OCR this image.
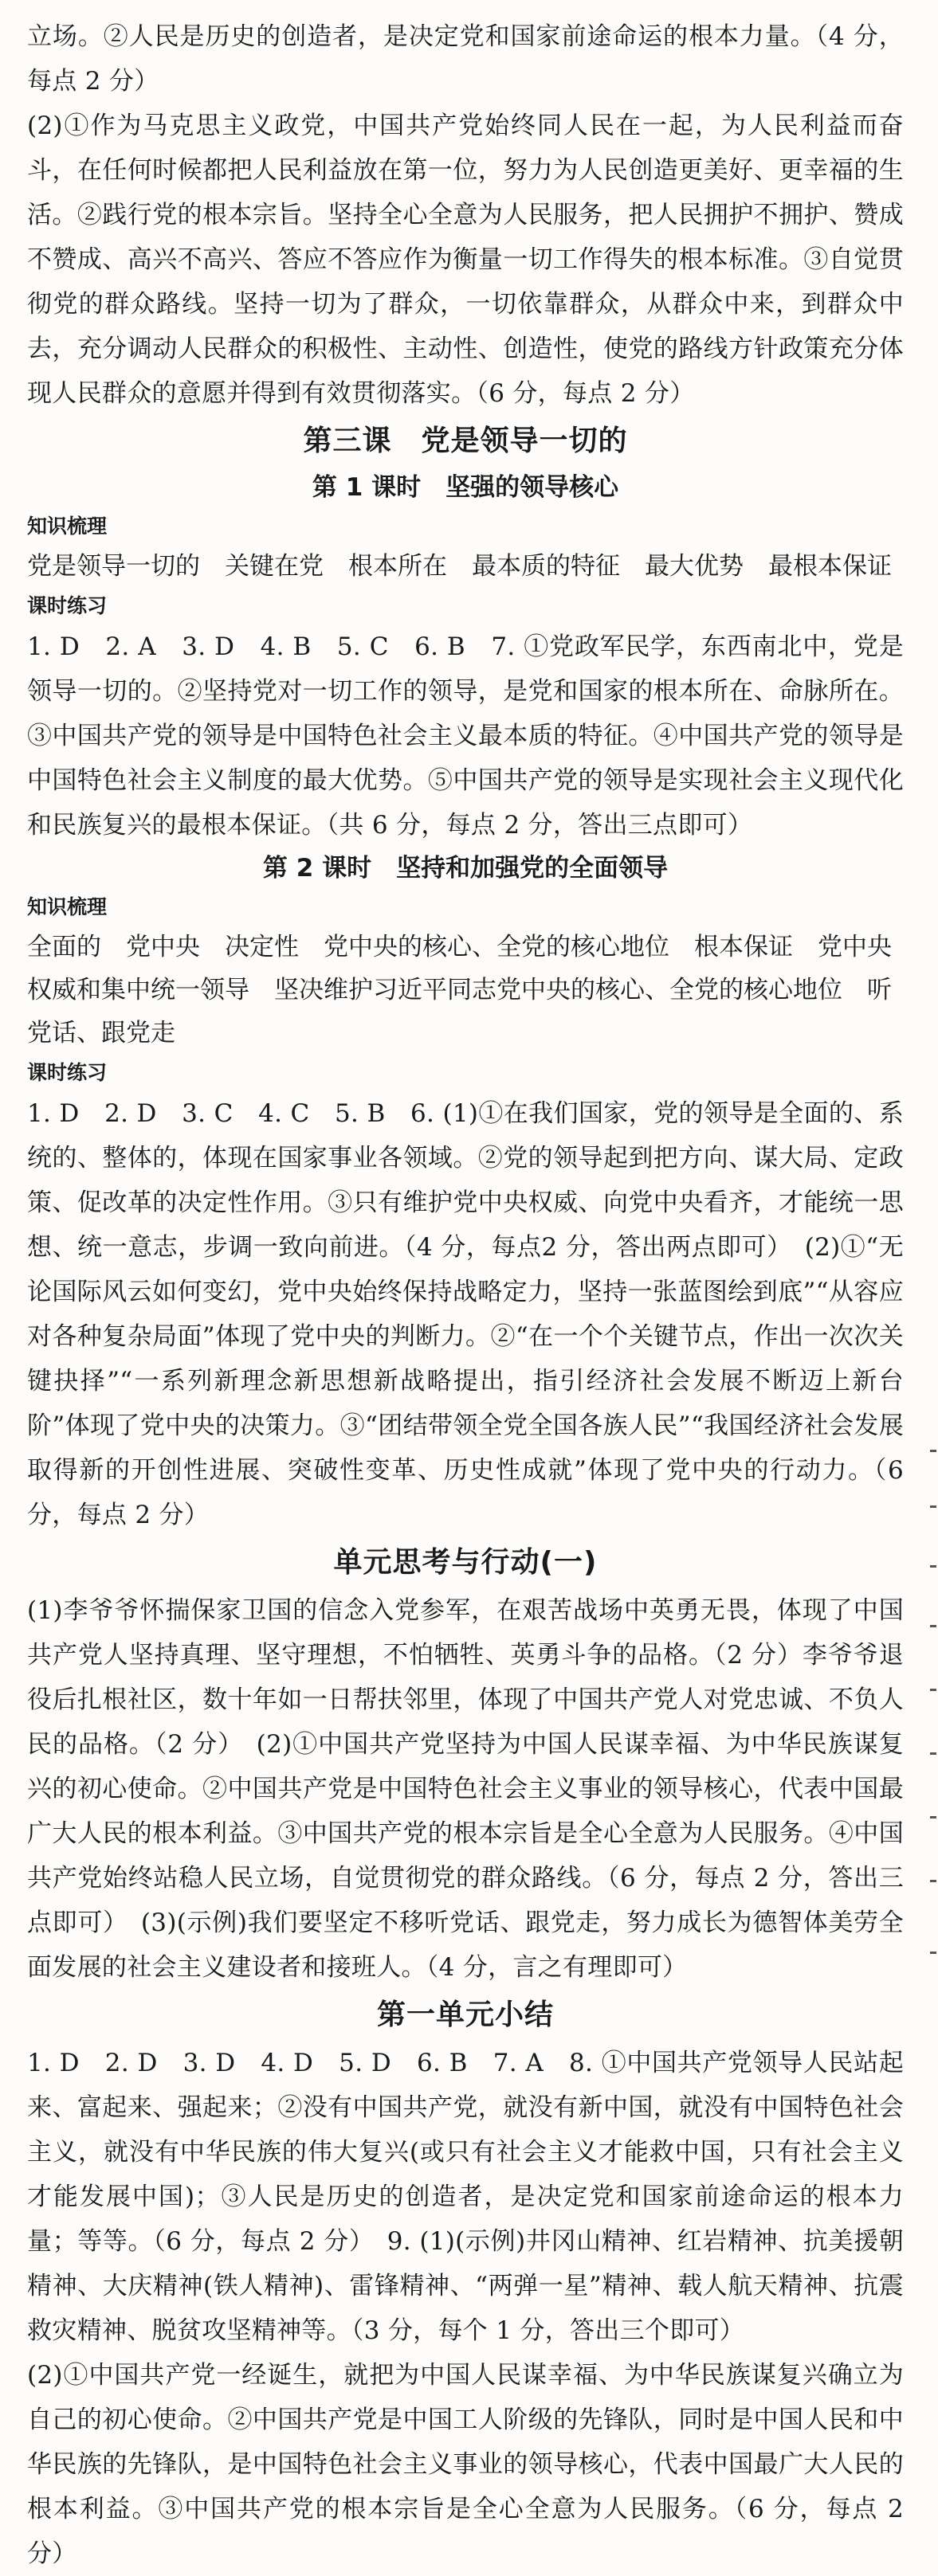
立场。②人民是历史的创造者，是决定党和国家前途命运的根本力量。（4 分，每点 2 分）

(2)①作为马克思主义政党，中国共产党始终同人民在一起，为人民利益而奋斗，在任何时候都把人民利益放在第一位，努力为人民创造更美好、更幸福的生活。②践行党的根本宗旨。坚持全心全意为人民服务，把人民拥护不拥护、赞成不赞成、高兴不高兴、答应不答应作为衡量一切工作得失的根本标准。③自觉贯彻党的群众路线。坚持一切为了群众，一切依靠群众，从群众中来，到群众中去，充分调动人民群众的积极性、主动性、创造性，使党的路线方针政策充分体现人民群众的意愿并得到有效贯彻落实。（6 分，每点 2 分）

第三课　党是领导一切的
第 1 课时　坚强的领导核心
知识梳理

党是领导一切的　关键在党　根本所在　最本质的特征　最大优势　最根本保证

课时练习

1. D　2. A　3. D　4. B　5. C　6. B　7. ①党政军民学，东西南北中，党是领导一切的。②坚持党对一切工作的领导，是党和国家的根本所在、命脉所在。③中国共产党的领导是中国特色社会主义最本质的特征。④中国共产党的领导是中国特色社会主义制度的最大优势。⑤中国共产党的领导是实现社会主义现代化和民族复兴的最根本保证。（共 6 分，每点 2 分，答出三点即可）

第 2 课时　坚持和加强党的全面领导
知识梳理

全面的　党中央　决定性　党中央的核心、全党的核心地位　根本保证　党中央权威和集中统一领导　坚决维护习近平同志党中央的核心、全党的核心地位　听党话、跟党走

课时练习

1. D　2. D　3. C　4. C　5. B　6. (1)①在我们国家，党的领导是全面的、系统的、整体的，体现在国家事业各领域。②党的领导起到把方向、谋大局、定政策、促改革的决定性作用。③只有维护党中央权威、向党中央看齐，才能统一思想、统一意志，步调一致向前进。（4 分，每点2 分，答出两点即可）　(2)①“无论国际风云如何变幻，党中央始终保持战略定力，坚持一张蓝图绘到底”“从容应对各种复杂局面”体现了党中央的判断力。②“在一个个关键节点，作出一次次关键抉择”“一系列新理念新思想新战略提出，指引经济社会发展不断迈上新台阶”体现了党中央的决策力。③“团结带领全党全国各族人民”“我国经济社会发展取得新的开创性进展、突破性变革、历史性成就”体现了党中央的行动力。（6 分，每点 2 分）

单元思考与行动(一)

(1)李爷爷怀揣保家卫国的信念入党参军，在艰苦战场中英勇无畏，体现了中国共产党人坚持真理、坚守理想，不怕牺牲、英勇斗争的品格。（2 分）李爷爷退役后扎根社区，数十年如一日帮扶邻里，体现了中国共产党人对党忠诚、不负人民的品格。（2 分）　(2)①中国共产党坚持为中国人民谋幸福、为中华民族谋复兴的初心使命。②中国共产党是中国特色社会主义事业的领导核心，代表中国最广大人民的根本利益。③中国共产党的根本宗旨是全心全意为人民服务。④中国共产党始终站稳人民立场，自觉贯彻党的群众路线。（6 分，每点 2 分，答出三点即可）　(3)(示例)我们要坚定不移听党话、跟党走，努力成长为德智体美劳全面发展的社会主义建设者和接班人。（4 分，言之有理即可）

第一单元小结

1. D　2. D　3. D　4. D　5. D　6. B　7. A　8. ①中国共产党领导人民站起来、富起来、强起来；②没有中国共产党，就没有新中国，就没有中国特色社会主义，就没有中华民族的伟大复兴(或只有社会主义才能救中国，只有社会主义才能发展中国)；③人民是历史的创造者，是决定党和国家前途命运的根本力量；等等。（6 分，每点 2 分）　9. (1)(示例)井冈山精神、红岩精神、抗美援朝精神、大庆精神(铁人精神)、雷锋精神、“两弹一星”精神、载人航天精神、抗震救灾精神、脱贫攻坚精神等。（3 分，每个 1 分，答出三个即可）

(2)①中国共产党一经诞生，就把为中国人民谋幸福、为中华民族谋复兴确立为自己的初心使命。②中国共产党是中国工人阶级的先锋队，同时是中国人民和中华民族的先锋队，是中国特色社会主义事业的领导核心，代表中国最广大人民的根本利益。③中国共产党的根本宗旨是全心全意为人民服务。（6 分，每点 2 分）
